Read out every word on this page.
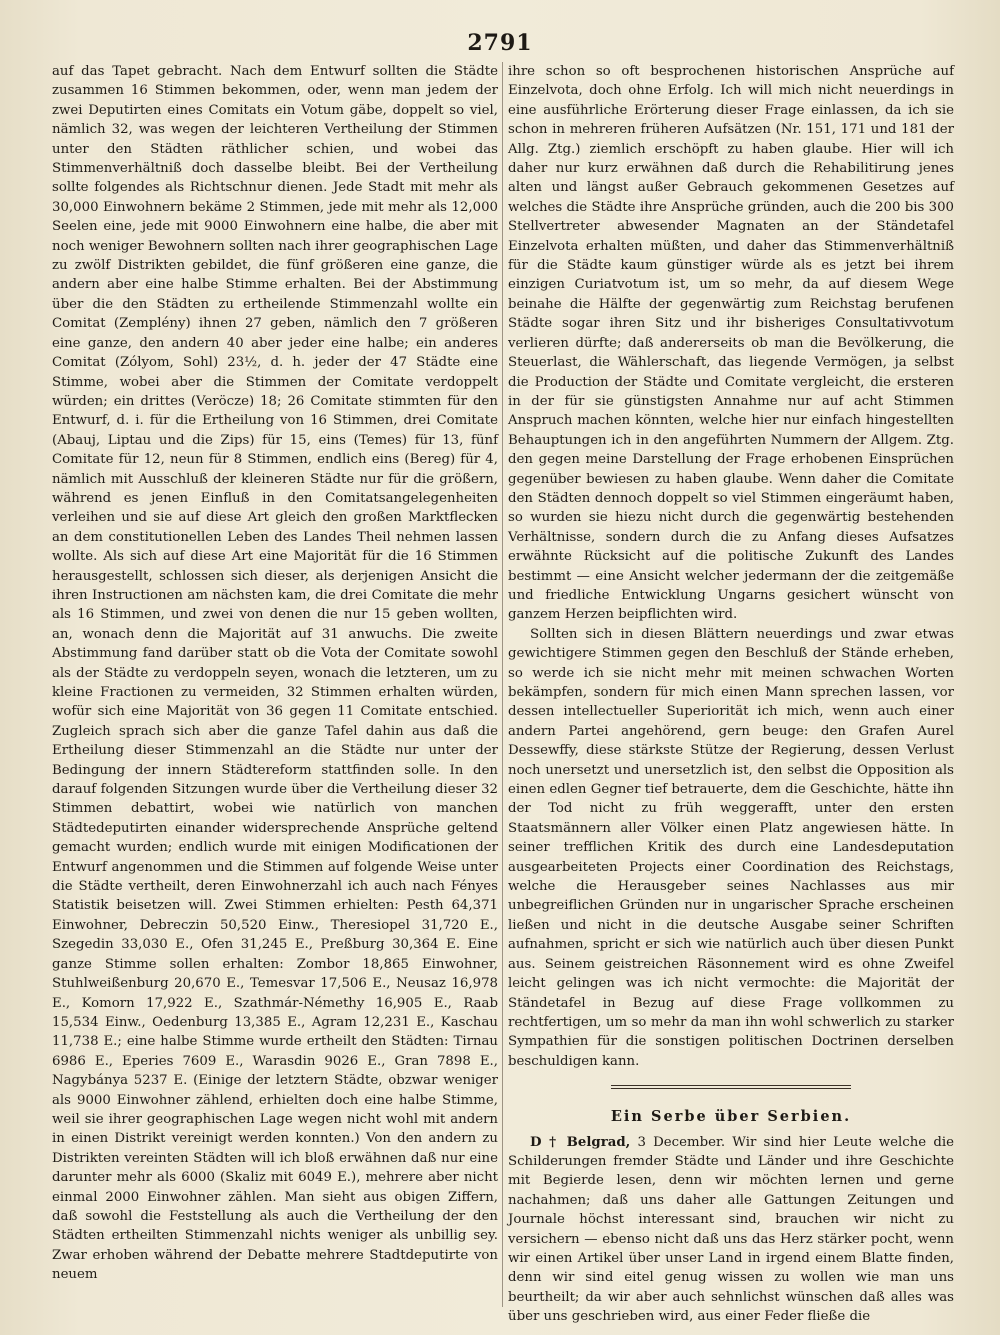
2791

auf das Tapet gebracht. Nach dem Entwurf sollten die Städte zusammen 16 Stimmen bekommen, oder, wenn man jedem der zwei Deputirten eines Comitats ein Votum gäbe, doppelt so viel, nämlich 32, was wegen der leichteren Vertheilung der Stimmen unter den Städten räthlicher schien, und wobei das Stimmenverhältniß doch dasselbe bleibt. Bei der Vertheilung sollte folgendes als Richtschnur dienen. Jede Stadt mit mehr als 30,000 Einwohnern bekäme 2 Stimmen, jede mit mehr als 12,000 Seelen eine, jede mit 9000 Einwohnern eine halbe, die aber mit noch weniger Bewohnern sollten nach ihrer geographischen Lage zu zwölf Distrikten gebildet, die fünf größeren eine ganze, die andern aber eine halbe Stimme erhalten. Bei der Abstimmung über die den Städten zu ertheilende Stimmenzahl wollte ein Comitat (Zemplény) ihnen 27 geben, nämlich den 7 größeren eine ganze, den andern 40 aber jeder eine halbe; ein anderes Comitat (Zólyom, Sohl) 23½, d. h. jeder der 47 Städte eine Stimme, wobei aber die Stimmen der Comitate verdoppelt würden; ein drittes (Veröcze) 18; 26 Comitate stimmten für den Entwurf, d. i. für die Ertheilung von 16 Stimmen, drei Comitate (Abauj, Liptau und die Zips) für 15, eins (Temes) für 13, fünf Comitate für 12, neun für 8 Stimmen, endlich eins (Bereg) für 4, nämlich mit Ausschluß der kleineren Städte nur für die größern, während es jenen Einfluß in den Comitatsangelegenheiten verleihen und sie auf diese Art gleich den großen Marktflecken an dem constitutionellen Leben des Landes Theil nehmen lassen wollte. Als sich auf diese Art eine Majorität für die 16 Stimmen herausgestellt, schlossen sich dieser, als derjenigen Ansicht die ihren Instructionen am nächsten kam, die drei Comitate die mehr als 16 Stimmen, und zwei von denen die nur 15 geben wollten, an, wonach denn die Majorität auf 31 anwuchs. Die zweite Abstimmung fand darüber statt ob die Vota der Comitate sowohl als der Städte zu verdoppeln seyen, wonach die letzteren, um zu kleine Fractionen zu vermeiden, 32 Stimmen erhalten würden, wofür sich eine Majorität von 36 gegen 11 Comitate entschied. Zugleich sprach sich aber die ganze Tafel dahin aus daß die Ertheilung dieser Stimmenzahl an die Städte nur unter der Bedingung der innern Städtereform stattfinden solle. In den darauf folgenden Sitzungen wurde über die Vertheilung dieser 32 Stimmen debattirt, wobei wie natürlich von manchen Städtedeputirten einander widersprechende Ansprüche geltend gemacht wurden; endlich wurde mit einigen Modificationen der Entwurf angenommen und die Stimmen auf folgende Weise unter die Städte vertheilt, deren Einwohnerzahl ich auch nach Fényes Statistik beisetzen will. Zwei Stimmen erhielten: Pesth 64,371 Einwohner, Debreczin 50,520 Einw., Theresiopel 31,720 E., Szegedin 33,030 E., Ofen 31,245 E., Preßburg 30,364 E. Eine ganze Stimme sollen erhalten: Zombor 18,865 Einwohner, Stuhlweißenburg 20,670 E., Temesvar 17,506 E., Neusaz 16,978 E., Komorn 17,922 E., Szathmár-Némethy 16,905 E., Raab 15,534 Einw., Oedenburg 13,385 E., Agram 12,231 E., Kaschau 11,738 E.; eine halbe Stimme wurde ertheilt den Städten: Tirnau 6986 E., Eperies 7609 E., Warasdin 9026 E., Gran 7898 E., Nagybánya 5237 E. (Einige der letztern Städte, obzwar weniger als 9000 Einwohner zählend, erhielten doch eine halbe Stimme, weil sie ihrer geographischen Lage wegen nicht wohl mit andern in einen Distrikt vereinigt werden konnten.) Von den andern zu Distrikten vereinten Städten will ich bloß erwähnen daß nur eine darunter mehr als 6000 (Skaliz mit 6049 E.), mehrere aber nicht einmal 2000 Einwohner zählen. Man sieht aus obigen Ziffern, daß sowohl die Feststellung als auch die Vertheilung der den Städten ertheilten Stimmenzahl nichts weniger als unbillig sey. Zwar erhoben während der Debatte mehrere Stadtdeputirte von neuem

ihre schon so oft besprochenen historischen Ansprüche auf Einzelvota, doch ohne Erfolg. Ich will mich nicht neuerdings in eine ausführliche Erörterung dieser Frage einlassen, da ich sie schon in mehreren früheren Aufsätzen (Nr. 151, 171 und 181 der Allg. Ztg.) ziemlich erschöpft zu haben glaube. Hier will ich daher nur kurz erwähnen daß durch die Rehabilitirung jenes alten und längst außer Gebrauch gekommenen Gesetzes auf welches die Städte ihre Ansprüche gründen, auch die 200 bis 300 Stellvertreter abwesender Magnaten an der Ständetafel Einzelvota erhalten müßten, und daher das Stimmenverhältniß für die Städte kaum günstiger würde als es jetzt bei ihrem einzigen Curiatvotum ist, um so mehr, da auf diesem Wege beinahe die Hälfte der gegenwärtig zum Reichstag berufenen Städte sogar ihren Sitz und ihr bisheriges Consultativvotum verlieren dürfte; daß andererseits ob man die Bevölkerung, die Steuerlast, die Wählerschaft, das liegende Vermögen, ja selbst die Production der Städte und Comitate vergleicht, die ersteren in der für sie günstigsten Annahme nur auf acht Stimmen Anspruch machen könnten, welche hier nur einfach hingestellten Behauptungen ich in den angeführten Nummern der Allgem. Ztg. den gegen meine Darstellung der Frage erhobenen Einsprüchen gegenüber bewiesen zu haben glaube. Wenn daher die Comitate den Städten dennoch doppelt so viel Stimmen eingeräumt haben, so wurden sie hiezu nicht durch die gegenwärtig bestehenden Verhältnisse, sondern durch die zu Anfang dieses Aufsatzes erwähnte Rücksicht auf die politische Zukunft des Landes bestimmt — eine Ansicht welcher jedermann der die zeitgemäße und friedliche Entwicklung Ungarns gesichert wünscht von ganzem Herzen beipflichten wird.

Sollten sich in diesen Blättern neuerdings und zwar etwas gewichtigere Stimmen gegen den Beschluß der Stände erheben, so werde ich sie nicht mehr mit meinen schwachen Worten bekämpfen, sondern für mich einen Mann sprechen lassen, vor dessen intellectueller Superiorität ich mich, wenn auch einer andern Partei angehörend, gern beuge: den Grafen Aurel Dessewffy, diese stärkste Stütze der Regierung, dessen Verlust noch unersetzt und unersetzlich ist, den selbst die Opposition als einen edlen Gegner tief betrauerte, dem die Geschichte, hätte ihn der Tod nicht zu früh weggerafft, unter den ersten Staatsmännern aller Völker einen Platz angewiesen hätte. In seiner trefflichen Kritik des durch eine Landesdeputation ausgearbeiteten Projects einer Coordination des Reichstags, welche die Herausgeber seines Nachlasses aus mir unbegreiflichen Gründen nur in ungarischer Sprache erscheinen ließen und nicht in die deutsche Ausgabe seiner Schriften aufnahmen, spricht er sich wie natürlich auch über diesen Punkt aus. Seinem geistreichen Räsonnement wird es ohne Zweifel leicht gelingen was ich nicht vermochte: die Majorität der Ständetafel in Bezug auf diese Frage vollkommen zu rechtfertigen, um so mehr da man ihn wohl schwerlich zu starker Sympathien für die sonstigen politischen Doctrinen derselben beschuldigen kann.

Ein Serbe über Serbien.

D † Belgrad, 3 December. Wir sind hier Leute welche die Schilderungen fremder Städte und Länder und ihre Geschichte mit Begierde lesen, denn wir möchten lernen und gerne nachahmen; daß uns daher alle Gattungen Zeitungen und Journale höchst interessant sind, brauchen wir nicht zu versichern — ebenso nicht daß uns das Herz stärker pocht, wenn wir einen Artikel über unser Land in irgend einem Blatte finden, denn wir sind eitel genug wissen zu wollen wie man uns beurtheilt; da wir aber auch sehnlichst wünschen daß alles was über uns geschrieben wird, aus einer Feder fließe die
